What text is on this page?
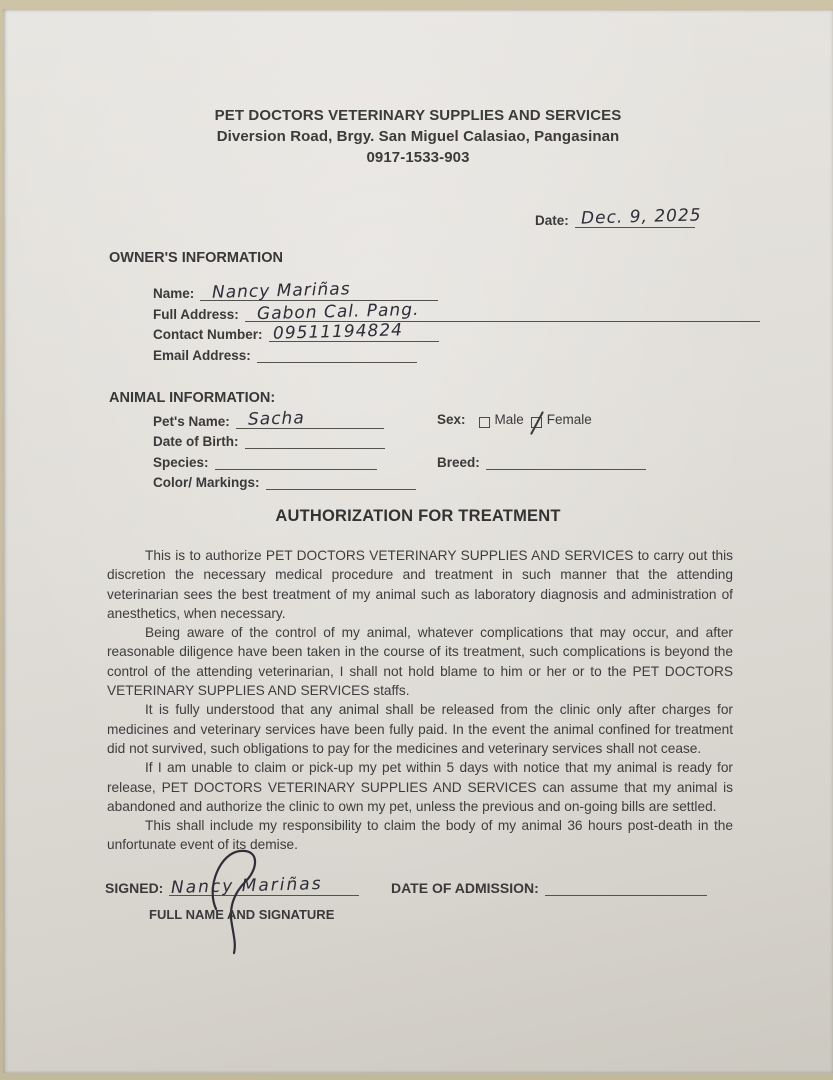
PET DOCTORS VETERINARY SUPPLIES AND SERVICES
Diversion Road, Brgy. San Miguel Calasiao, Pangasinan
0917-1533-903
Date: Dec. 9, 2025
OWNER'S INFORMATION
Name: Nancy Mariñas
Full Address: Gabon Cal. Pang.
Contact Number: 09511194824
Email Address:
ANIMAL INFORMATION:
Pet's Name: Sacha	Sex: Male Female
Date of Birth:
Species:	Breed:
Color/ Markings:
AUTHORIZATION FOR TREATMENT

This is to authorize PET DOCTORS VETERINARY SUPPLIES AND SERVICES to carry out this discretion the necessary medical procedure and treatment in such manner that the attending veterinarian sees the best treatment of my animal such as laboratory diagnosis and administration of anesthetics, when necessary.

Being aware of the control of my animal, whatever complications that may occur, and after reasonable diligence have been taken in the course of its treatment, such complications is beyond the control of the attending veterinarian, I shall not hold blame to him or her or to the PET DOCTORS VETERINARY SUPPLIES AND SERVICES staffs.

It is fully understood that any animal shall be released from the clinic only after charges for medicines and veterinary services have been fully paid. In the event the animal confined for treatment did not survived, such obligations to pay for the medicines and veterinary services shall not cease.

If I am unable to claim or pick-up my pet within 5 days with notice that my animal is ready for release, PET DOCTORS VETERINARY SUPPLIES AND SERVICES can assume that my animal is abandoned and authorize the clinic to own my pet, unless the previous and on-going bills are settled.

This shall include my responsibility to claim the body of my animal 36 hours post-death in the unfortunate event of its demise.

SIGNED: Nancy Mariñas
FULL NAME AND SIGNATURE
DATE OF ADMISSION:
